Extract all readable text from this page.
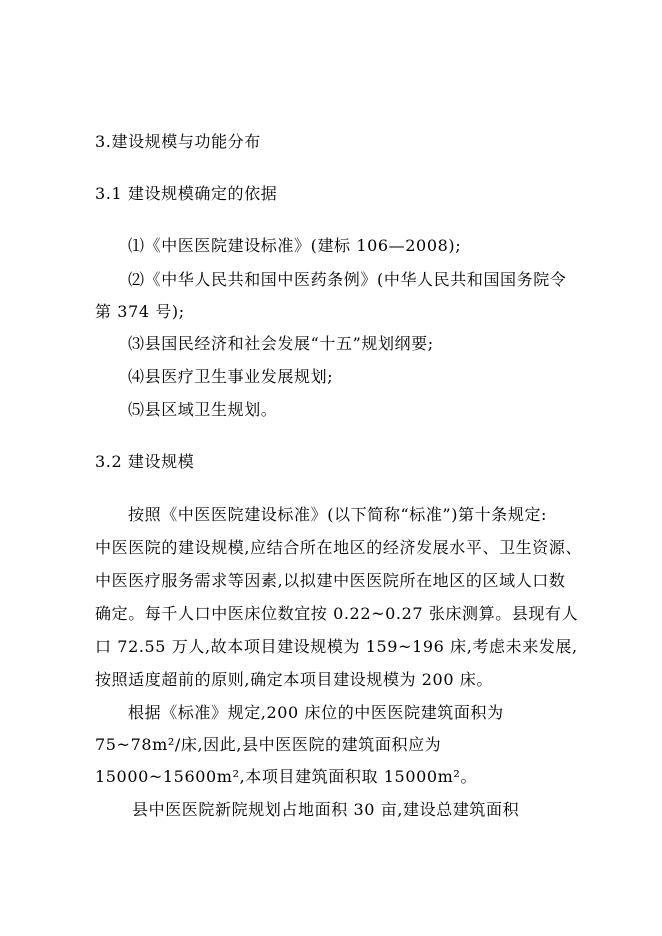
3.建设规模与功能分布
3.1 建设规模确定的依据
⑴《中医医院建设标准》(建标 106—2008);
⑵《中华人民共和国中医药条例》(中华人民共和国国务院令
第 374 号);
⑶县国民经济和社会发展“十五”规划纲要;
⑷县医疗卫生事业发展规划;
⑸县区域卫生规划。
3.2 建设规模
按照《中医医院建设标准》(以下简称“标准”)第十条规定:
中医医院的建设规模,应结合所在地区的经济发展水平、卫生资源、
中医医疗服务需求等因素,以拟建中医医院所在地区的区域人口数
确定。每千人口中医床位数宜按 0.22~0.27 张床测算。县现有人
口 72.55 万人,故本项目建设规模为 159~196 床,考虑未来发展,
按照适度超前的原则,确定本项目建设规模为 200 床。
根据《标准》规定,200 床位的中医医院建筑面积为
75~78m²/床,因此,县中医医院的建筑面积应为
15000~15600m²,本项目建筑面积取 15000m²。
县中医医院新院规划占地面积 30 亩,建设总建筑面积
